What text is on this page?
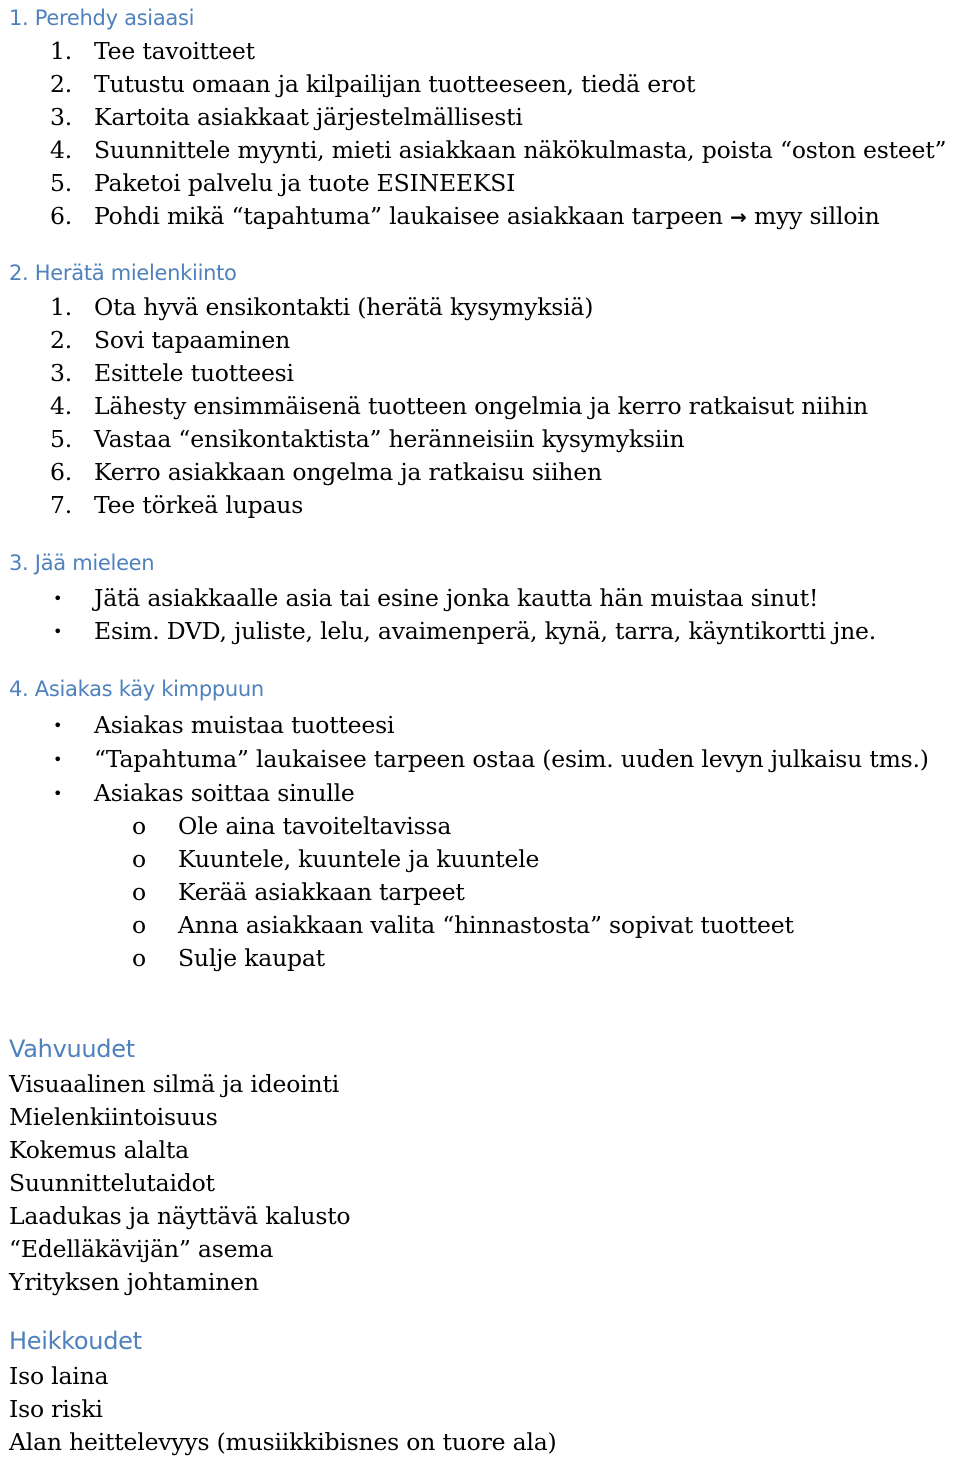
1. Perehdy asiaasi
1. Tee tavoitteet
2. Tutustu omaan ja kilpailijan tuotteeseen, tiedä erot
3. Kartoita asiakkaat järjestelmällisesti
4. Suunnittele myynti, mieti asiakkaan näkökulmasta, poista “oston esteet”
5. Paketoi palvelu ja tuote ESINEEKSI
6. Pohdi mikä “tapahtuma” laukaisee asiakkaan tarpeen → myy silloin
2. Herätä mielenkiinto
1. Ota hyvä ensikontakti (herätä kysymyksiä)
2. Sovi tapaaminen
3. Esittele tuotteesi
4. Lähesty ensimmäisenä tuotteen ongelmia ja kerro ratkaisut niihin
5. Vastaa “ensikontaktista” heränneisiin kysymyksiin
6. Kerro asiakkaan ongelma ja ratkaisu siihen
7. Tee törkeä lupaus
3. Jää mieleen
• Jätä asiakkaalle asia tai esine jonka kautta hän muistaa sinut!
• Esim. DVD, juliste, lelu, avaimenperä, kynä, tarra, käyntikortti jne.
4. Asiakas käy kimppuun
• Asiakas muistaa tuotteesi
• “Tapahtuma” laukaisee tarpeen ostaa (esim. uuden levyn julkaisu tms.)
• Asiakas soittaa sinulle
o Ole aina tavoiteltavissa
o Kuuntele, kuuntele ja kuuntele
o Kerää asiakkaan tarpeet
o Anna asiakkaan valita “hinnastosta” sopivat tuotteet
o Sulje kaupat
Vahvuudet
Visuaalinen silmä ja ideointi
Mielenkiintoisuus
Kokemus alalta
Suunnittelutaidot
Laadukas ja näyttävä kalusto
“Edelläkävijän” asema
Yrityksen johtaminen
Heikkoudet
Iso laina
Iso riski
Alan heittelevyys (musiikkibisnes on tuore ala)
